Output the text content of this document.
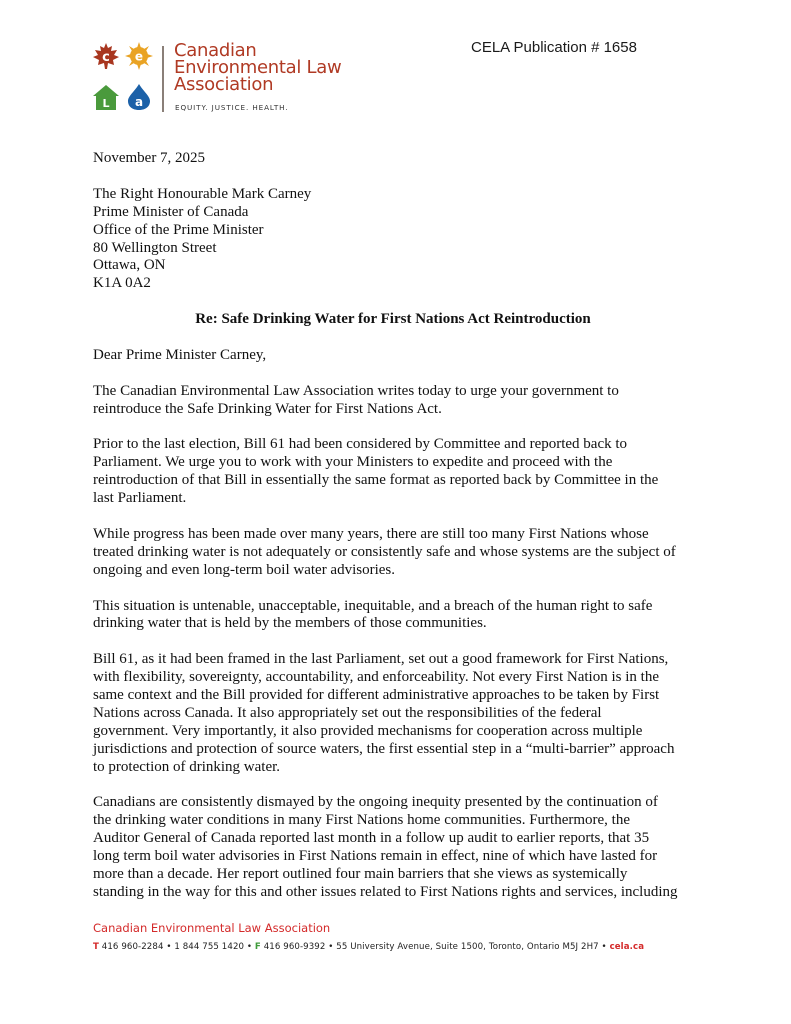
CELA Publication # 1658
c e
L a
Canadian
Environmental Law
Association
EQUITY. JUSTICE. HEALTH.

November 7, 2025

The Right Honourable Mark Carney

Prime Minister of Canada

Office of the Prime Minister

80 Wellington Street

Ottawa, ON

K1A 0A2

Re: Safe Drinking Water for First Nations Act Reintroduction

Dear Prime Minister Carney,

The Canadian Environmental Law Association writes today to urge your government to

reintroduce the Safe Drinking Water for First Nations Act.

Prior to the last election, Bill 61 had been considered by Committee and reported back to

Parliament. We urge you to work with your Ministers to expedite and proceed with the

reintroduction of that Bill in essentially the same format as reported back by Committee in the

last Parliament.

While progress has been made over many years, there are still too many First Nations whose

treated drinking water is not adequately or consistently safe and whose systems are the subject of

ongoing and even long-term boil water advisories.

This situation is untenable, unacceptable, inequitable, and a breach of the human right to safe

drinking water that is held by the members of those communities.

Bill 61, as it had been framed in the last Parliament, set out a good framework for First Nations,

with flexibility, sovereignty, accountability, and enforceability. Not every First Nation is in the

same context and the Bill provided for different administrative approaches to be taken by First

Nations across Canada. It also appropriately set out the responsibilities of the federal

government. Very importantly, it also provided mechanisms for cooperation across multiple

jurisdictions and protection of source waters, the first essential step in a “multi-barrier” approach

to protection of drinking water.

Canadians are consistently dismayed by the ongoing inequity presented by the continuation of

the drinking water conditions in many First Nations home communities. Furthermore, the

Auditor General of Canada reported last month in a follow up audit to earlier reports, that 35

long term boil water advisories in First Nations remain in effect, nine of which have lasted for

more than a decade. Her report outlined four main barriers that she views as systemically

standing in the way for this and other issues related to First Nations rights and services, including

Canadian Environmental Law Association
T 416 960-2284 • 1 844 755 1420 • F 416 960-9392 • 55 University Avenue, Suite 1500, Toronto, Ontario M5J 2H7 • cela.ca
